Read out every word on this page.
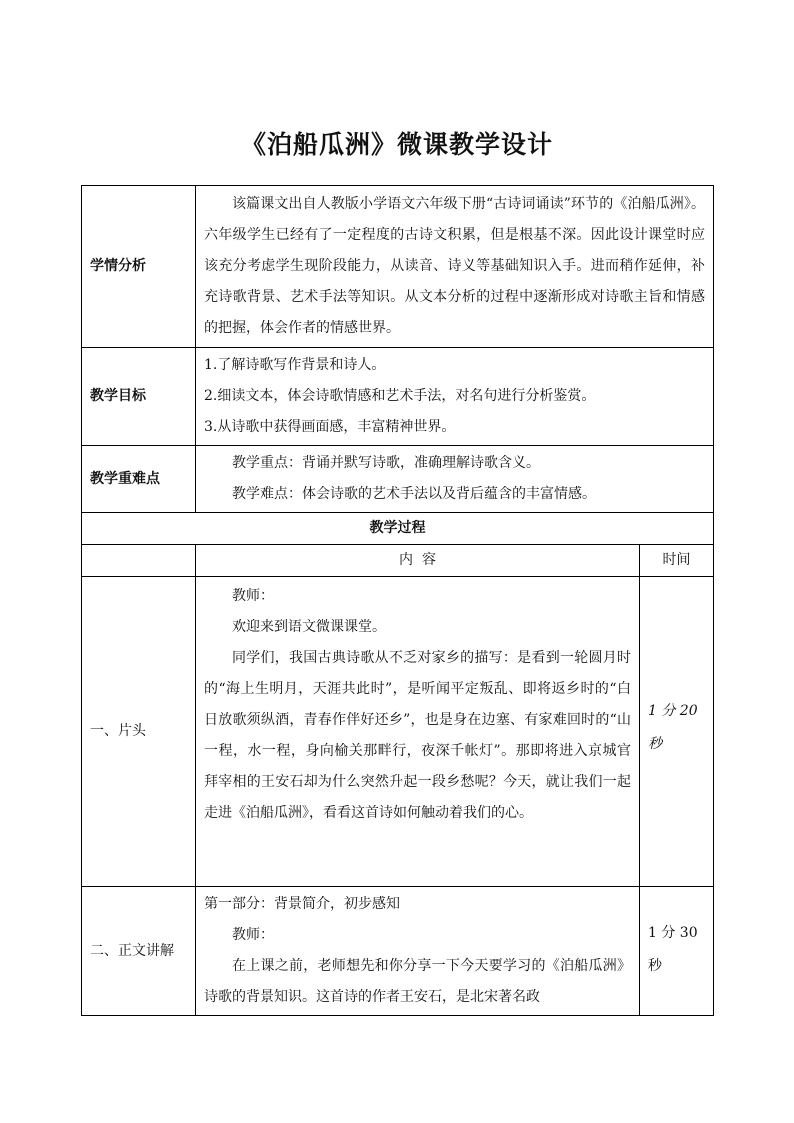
《泊船瓜洲》微课教学设计
学情分析	该篇课文出自人教版小学语文六年级下册“古诗词诵读”环节的《泊船瓜洲》。六年级学生已经有了一定程度的古诗文积累，但是根基不深。因此设计课堂时应该充分考虑学生现阶段能力，从读音、诗义等基础知识入手。进而稍作延伸，补充诗歌背景、艺术手法等知识。从文本分析的过程中逐渐形成对诗歌主旨和情感的把握，体会作者的情感世界。	

教学目标	1.了解诗歌写作背景和诗人。

2.细读文本，体会诗歌情感和艺术手法，对名句进行分析鉴赏。

3.从诗歌中获得画面感，丰富精神世界。	

教学重难点	教学重点：背诵并默写诗歌，准确理解诗歌含义。

教学难点：体会诗歌的艺术手法以及背后蕴含的丰富情感。	

教学过程		
	内  容	时间
一、片头	教师：

欢迎来到语文微课课堂。

同学们，我国古典诗歌从不乏对家乡的描写：是看到一轮圆月时的“海上生明月，天涯共此时”，是听闻平定叛乱、即将返乡时的“白日放歌须纵酒，青春作伴好还乡”，也是身在边塞、有家难回时的“山一程，水一程，身向榆关那畔行，夜深千帐灯”。那即将进入京城官拜宰相的王安石却为什么突然升起一段乡愁呢？今天，就让我们一起走进《泊船瓜洲》，看看这首诗如何触动着我们的心。	1 分 20 秒
二、正文讲解	第一部分：背景简介，初步感知

教师：

在上课之前，老师想先和你分享一下今天要学习的《泊船瓜洲》诗歌的背景知识。这首诗的作者王安石，是北宋著名政	1 分 30 秒
